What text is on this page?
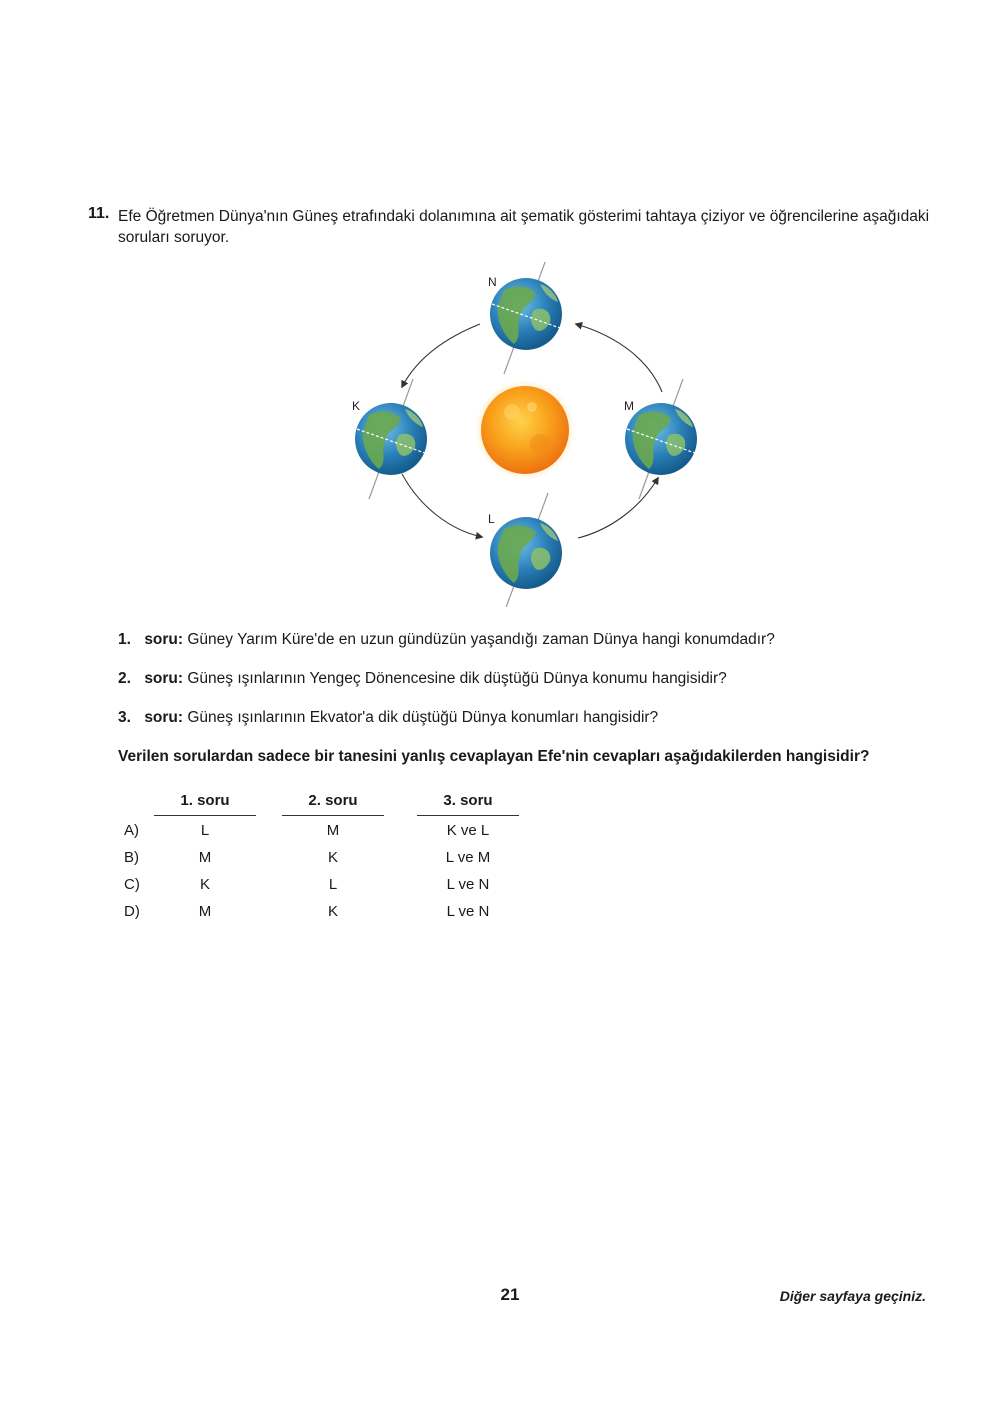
11. Efe Öğretmen Dünya'nın Güneş etrafındaki dolanımına ait şematik gösterimi tahtaya çiziyor ve öğrencilerine aşağıdaki soruları soruyor.
N
K	M
L
1. soru: Güney Yarım Küre'de en uzun gündüzün yaşandığı zaman Dünya hangi konumdadır?
2. soru: Güneş ışınlarının Yengeç Dönencesine dik düştüğü Dünya konumu hangisidir?
3. soru: Güneş ışınlarının Ekvator'a dik düştüğü Dünya konumları hangisidir?
Verilen sorulardan sadece bir tanesini yanlış cevaplayan Efe'nin cevapları aşağıdakilerden hangisidir?
1. soru	2. soru	3. soru
A)	L	M	K ve L
B)	M	K	L ve M
C)	K	L	L ve N
D)	M	K	L ve N
21	Diğer sayfaya geçiniz.
